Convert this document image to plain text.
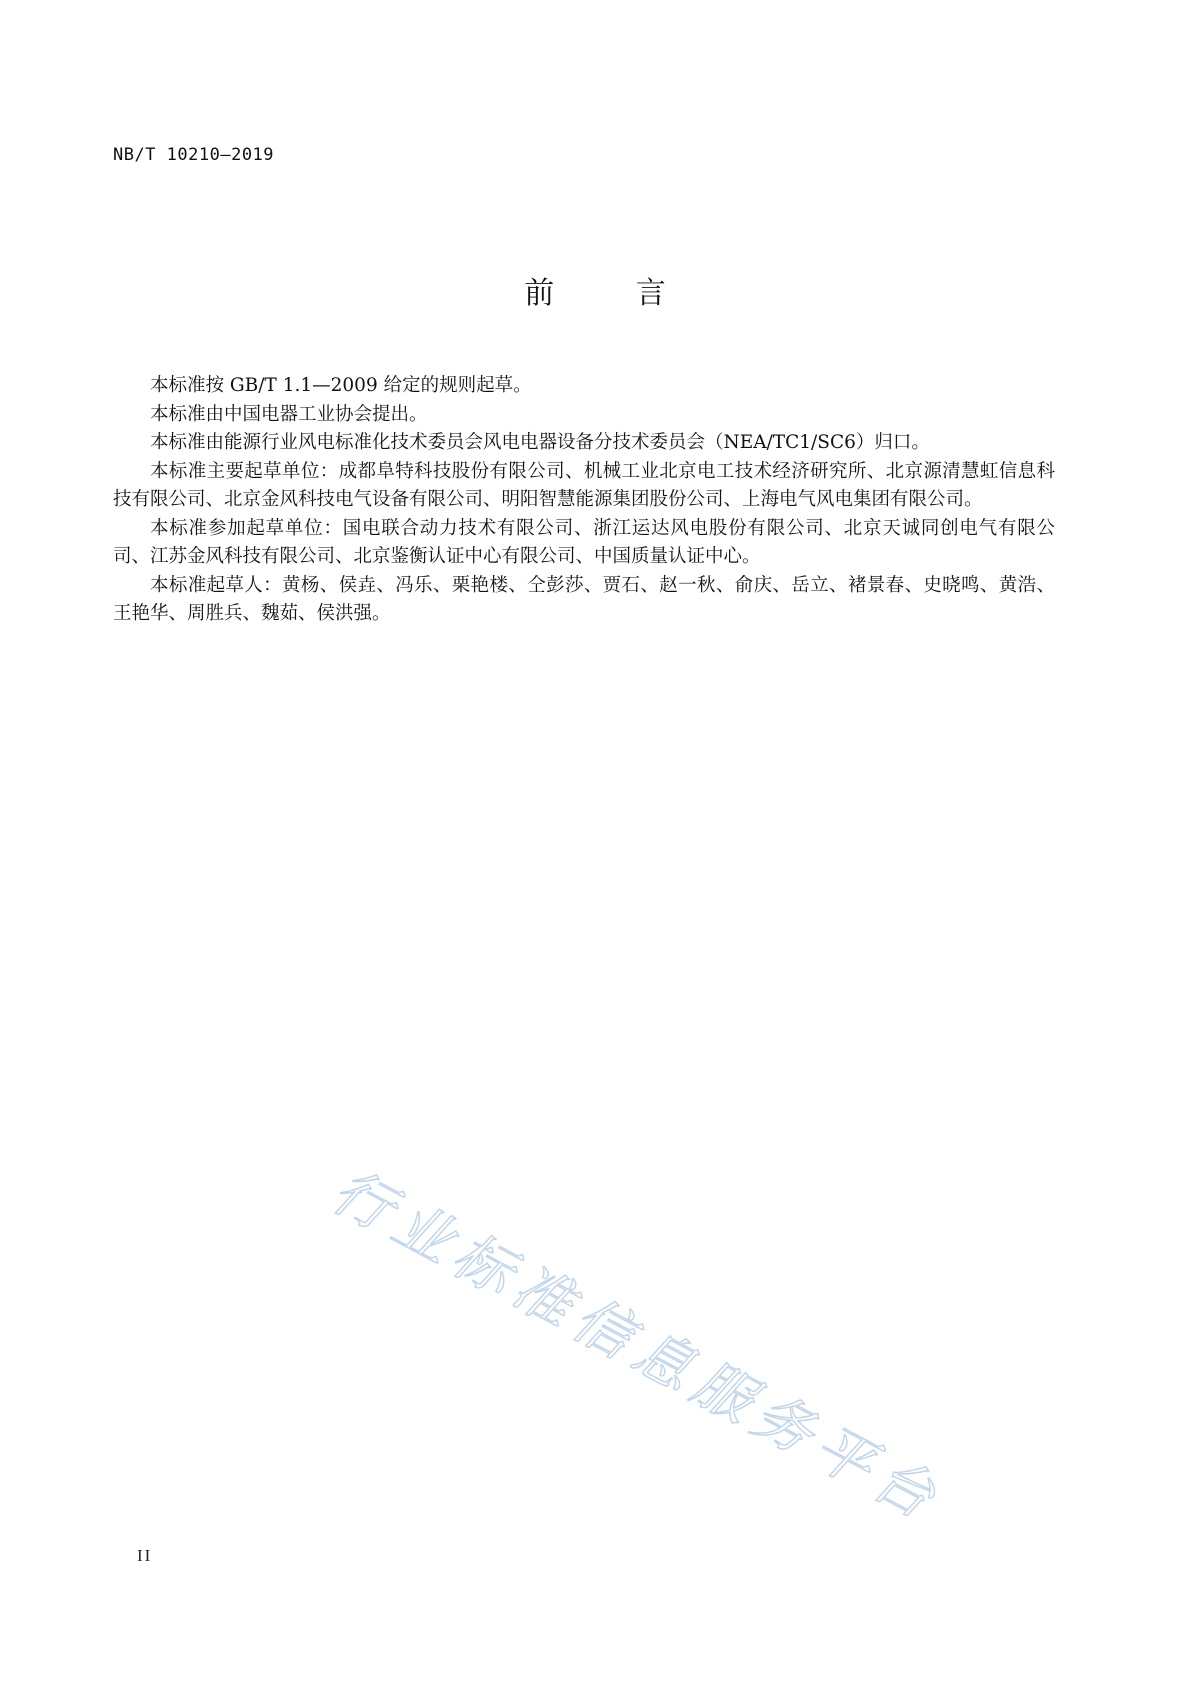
NB/T 10210—2019
前 言

本标准按 GB/T 1.1—2009 给定的规则起草。

本标准由中国电器工业协会提出。

本标准由能源行业风电标准化技术委员会风电电器设备分技术委员会（NEA/TC1/SC6）归口。

本标准主要起草单位：成都阜特科技股份有限公司、机械工业北京电工技术经济研究所、北京源清慧虹信息科技有限公司、北京金风科技电气设备有限公司、明阳智慧能源集团股份公司、上海电气风电集团有限公司。

本标准参加起草单位：国电联合动力技术有限公司、浙江运达风电股份有限公司、北京天诚同创电气有限公司、江苏金风科技有限公司、北京鉴衡认证中心有限公司、中国质量认证中心。

本标准起草人：黄杨、侯垚、冯乐、栗艳楼、仝彭莎、贾石、赵一秋、俞庆、岳立、褚景春、史晓鸣、黄浩、王艳华、周胜兵、魏茹、侯洪强。

行业标准信息服务平台
II
